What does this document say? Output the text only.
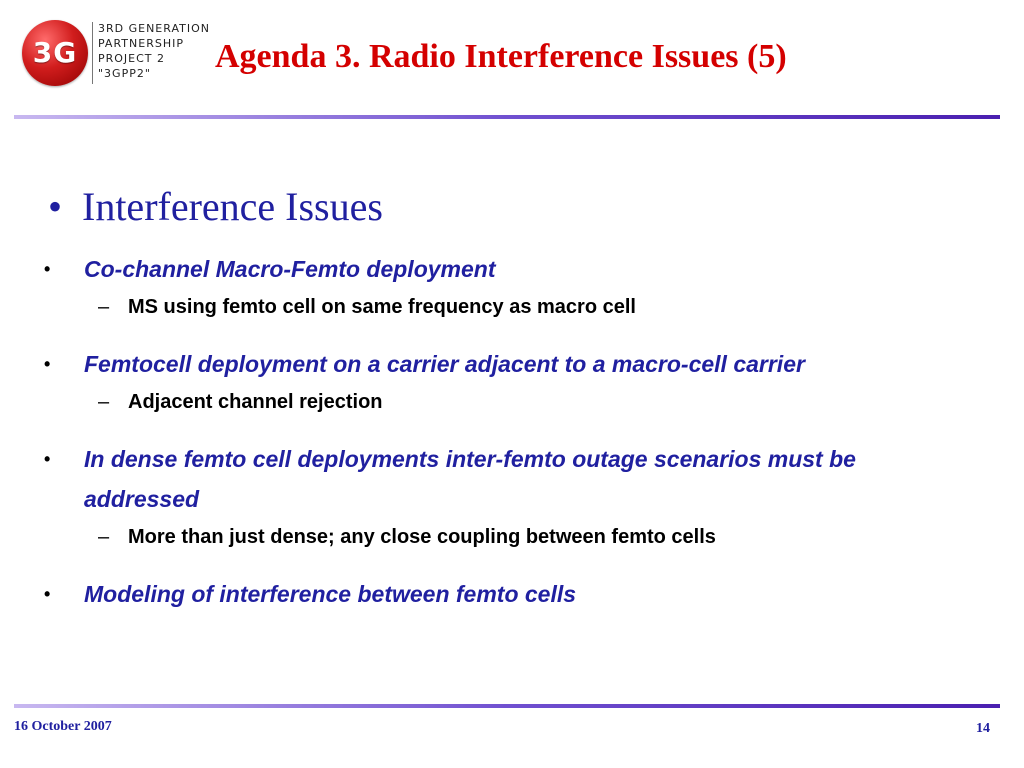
3G
3RD GENERATION
PARTNERSHIP
PROJECT 2
"3GPP2"	Agenda 3. Radio Interference Issues (5)
• Interference Issues
•	Co-channel Macro-Femto deployment
– MS using femto cell on same frequency as macro cell
•	Femtocell deployment on a carrier adjacent to a macro-cell carrier
– Adjacent channel rejection
•	In dense femto cell deployments inter-femto outage scenarios must be addressed
– More than just dense; any close coupling between femto cells
•	Modeling of interference between femto cells
16 October 2007	14
